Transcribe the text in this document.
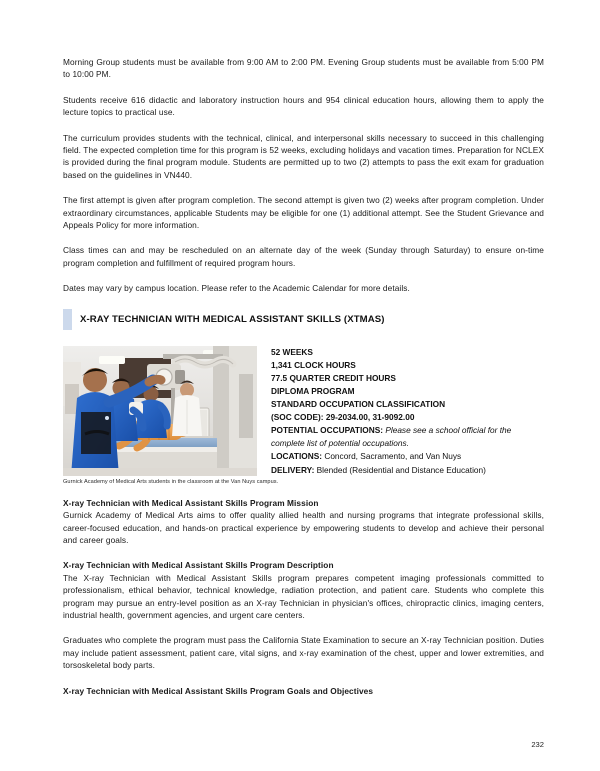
Morning Group students must be available from 9:00 AM to 2:00 PM. Evening Group students must be available from 5:00 PM to 10:00 PM.

Students receive 616 didactic and laboratory instruction hours and 954 clinical education hours, allowing them to apply the lecture topics to practical use.

The curriculum provides students with the technical, clinical, and interpersonal skills necessary to succeed in this challenging field. The expected completion time for this program is 52 weeks, excluding holidays and vacation times. Preparation for NCLEX is provided during the final program module. Students are permitted up to two (2) attempts to pass the exit exam for graduation based on the guidelines in VN440.

The first attempt is given after program completion. The second attempt is given two (2) weeks after program completion. Under extraordinary circumstances, applicable Students may be eligible for one (1) additional attempt. See the Student Grievance and Appeals Policy for more information.

Class times can and may be rescheduled on an alternate day of the week (Sunday through Saturday) to ensure on-time program completion and fulfillment of required program hours.

Dates may vary by campus location. Please refer to the Academic Calendar for more details.

X-RAY TECHNICIAN WITH MEDICAL ASSISTANT SKILLS (XTMAS)
Gurnick Academy of Medical Arts students in the classroom at the Van Nuys campus.
52 WEEKS
1,341 CLOCK HOURS
77.5 QUARTER CREDIT HOURS
DIPLOMA PROGRAM
STANDARD OCCUPATION CLASSIFICATION
(SOC CODE): 29-2034.00, 31-9092.00
POTENTIAL OCCUPATIONS: Please see a school official for the complete list of potential occupations.
LOCATIONS: Concord, Sacramento, and Van Nuys
DELIVERY: Blended (Residential and Distance Education)
X-ray Technician with Medical Assistant Skills Program Mission

Gurnick Academy of Medical Arts aims to offer quality allied health and nursing programs that integrate professional skills, career-focused education, and hands-on practical experience by empowering students to develop and achieve their personal and career goals.

X-ray Technician with Medical Assistant Skills Program Description

The X-ray Technician with Medical Assistant Skills program prepares competent imaging professionals committed to professionalism, ethical behavior, technical knowledge, radiation protection, and patient care. Students who complete this program may pursue an entry-level position as an X-ray Technician in physician's offices, chiropractic clinics, imaging centers, industrial health, government agencies, and urgent care centers.

Graduates who complete the program must pass the California State Examination to secure an X-ray Technician position. Duties may include patient assessment, patient care, vital signs, and x-ray examination of the chest, upper and lower extremities, and torsoskeletal body parts.

X-ray Technician with Medical Assistant Skills Program Goals and Objectives
232
